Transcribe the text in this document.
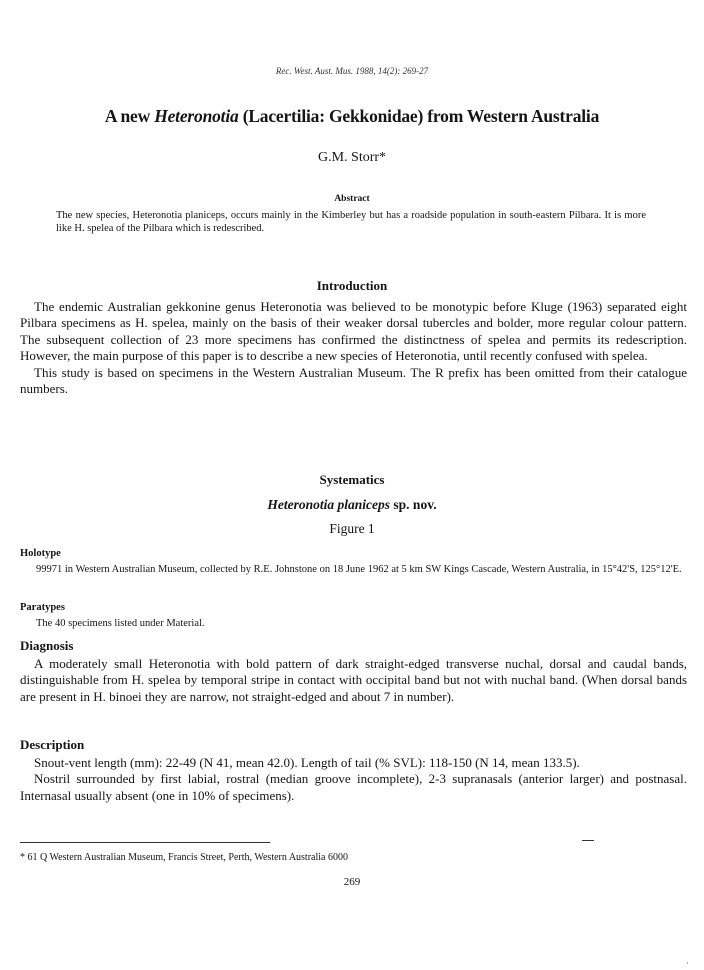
Rec. West. Aust. Mus. 1988, 14(2): 269-27
A new Heteronotia (Lacertilia: Gekkonidae) from Western Australia
G.M. Storr*
Abstract
The new species, Heteronotia planiceps, occurs mainly in the Kimberley but has a roadside population in south-eastern Pilbara. It is more like H. spelea of the Pilbara which is redescribed.
Introduction

The endemic Australian gekkonine genus Heteronotia was believed to be monotypic before Kluge (1963) separated eight Pilbara specimens as H. spelea, mainly on the basis of their weaker dorsal tubercles and bolder, more regular colour pattern. The subsequent collection of 23 more specimens has confirmed the distinctness of spelea and permits its redescription. However, the main purpose of this paper is to describe a new species of Heteronotia, until recently confused with spelea.

This study is based on specimens in the Western Australian Museum. The R prefix has been omitted from their catalogue numbers.

Systematics
Heteronotia planiceps sp. nov.
Figure 1
Holotype
99971 in Western Australian Museum, collected by R.E. Johnstone on 18 June 1962 at 5 km SW Kings Cascade, Western Australia, in 15°42'S, 125°12'E.
Paratypes
The 40 specimens listed under Material.
Diagnosis

A moderately small Heteronotia with bold pattern of dark straight-edged transverse nuchal, dorsal and caudal bands, distinguishable from H. spelea by temporal stripe in contact with occipital band but not with nuchal band. (When dorsal bands are present in H. binoei they are narrow, not straight-edged and about 7 in number).

Description

Snout-vent length (mm): 22-49 (N 41, mean 42.0). Length of tail (% SVL): 118-150 (N 14, mean 133.5).

Nostril surrounded by first labial, rostral (median groove incomplete), 2-3 supranasals (anterior larger) and postnasal. Internasal usually absent (one in 10% of specimens).

* 61 Q Western Australian Museum, Francis Street, Perth, Western Australia 6000
269
·
